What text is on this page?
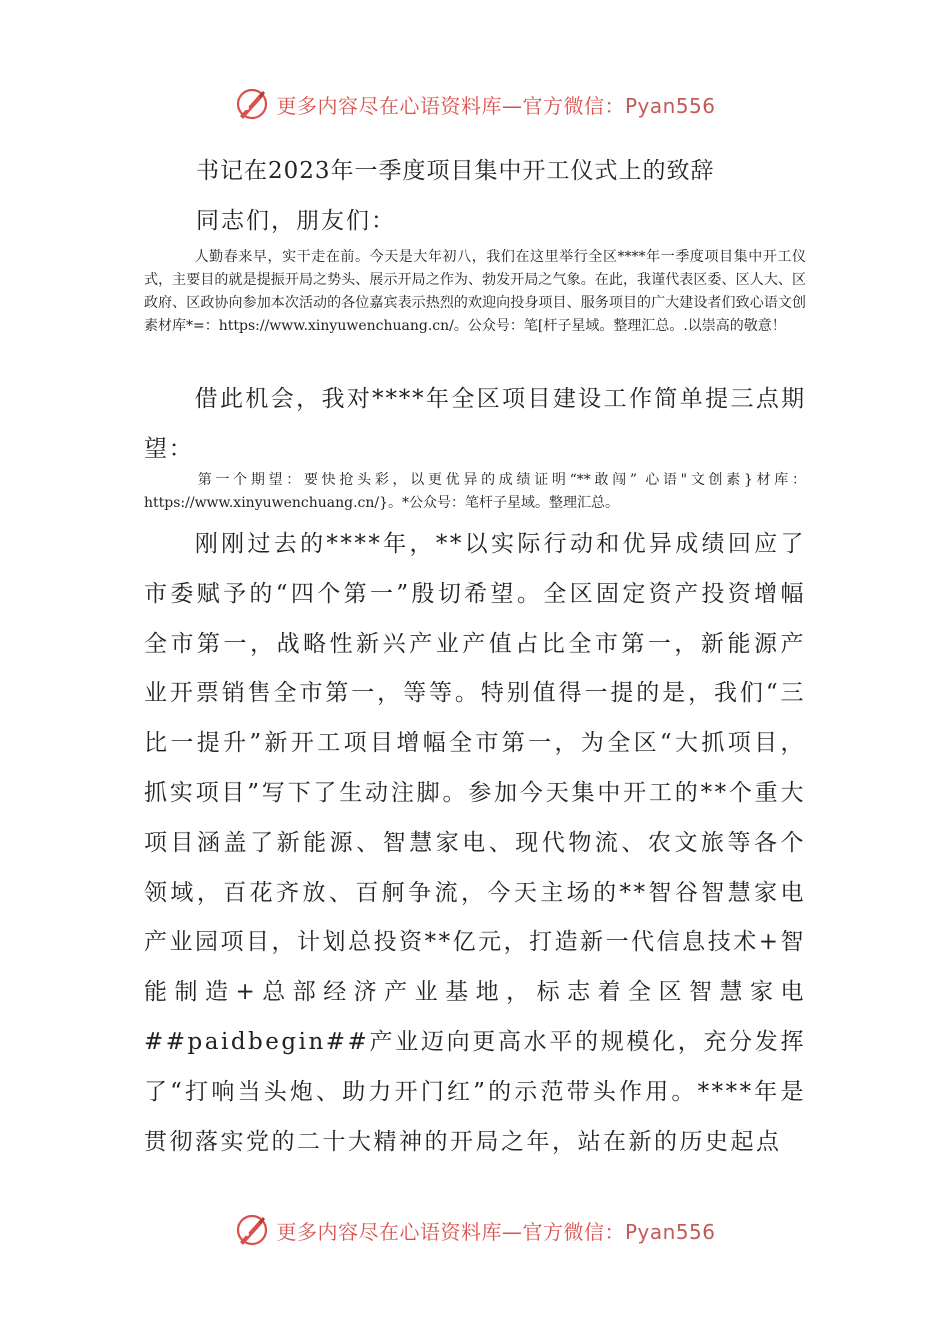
更多内容尽在心语资料库—官方微信：Pyan556
书记在2023年一季度项目集中开工仪式上的致辞
同志们，朋友们：
人勤春来早，实干走在前。今天是大年初八，我们在这里举行全区****年一季度项目集中开工仪式，主要目的就是提振开局之势头、展示开局之作为、勃发开局之气象。在此，我谨代表区委、区人大、区政府、区政协向参加本次活动的各位嘉宾表示热烈的欢迎向投身项目、服务项目的广大建设者们致心语文创素材库*=：https://www.xinyuwenchuang.cn/。公众号：笔[杆子星域。整理汇总。.以崇高的敬意！
借此机会，我对****年全区项目建设工作简单提三点期望：
第一个期望：要快抢头彩，以更优异的成绩证明“**敢闯” 心语"文创素}材库：https://www.xinyuwenchuang.cn/}。*公众号：笔杆子星域。整理汇总。
刚刚过去的****年，**以实际行动和优异成绩回应了市委赋予的“四个第一”殷切希望。全区固定资产投资增幅全市第一，战略性新兴产业产值占比全市第一，新能源产业开票销售全市第一，等等。特别值得一提的是，我们“三比一提升”新开工项目增幅全市第一，为全区“大抓项目，抓实项目”写下了生动注脚。参加今天集中开工的**个重大项目涵盖了新能源、智慧家电、现代物流、农文旅等各个领域，百花齐放、百舸争流，今天主场的**智谷智慧家电产业园项目，计划总投资**亿元，打造新一代信息技术+智能制造+总部经济产业基地，标志着全区智慧家电##paidbegin##产业迈向更高水平的规模化，充分发挥了“打响当头炮、助力开门红”的示范带头作用。****年是贯彻落实党的二十大精神的开局之年，站在新的历史起点
更多内容尽在心语资料库—官方微信：Pyan556
